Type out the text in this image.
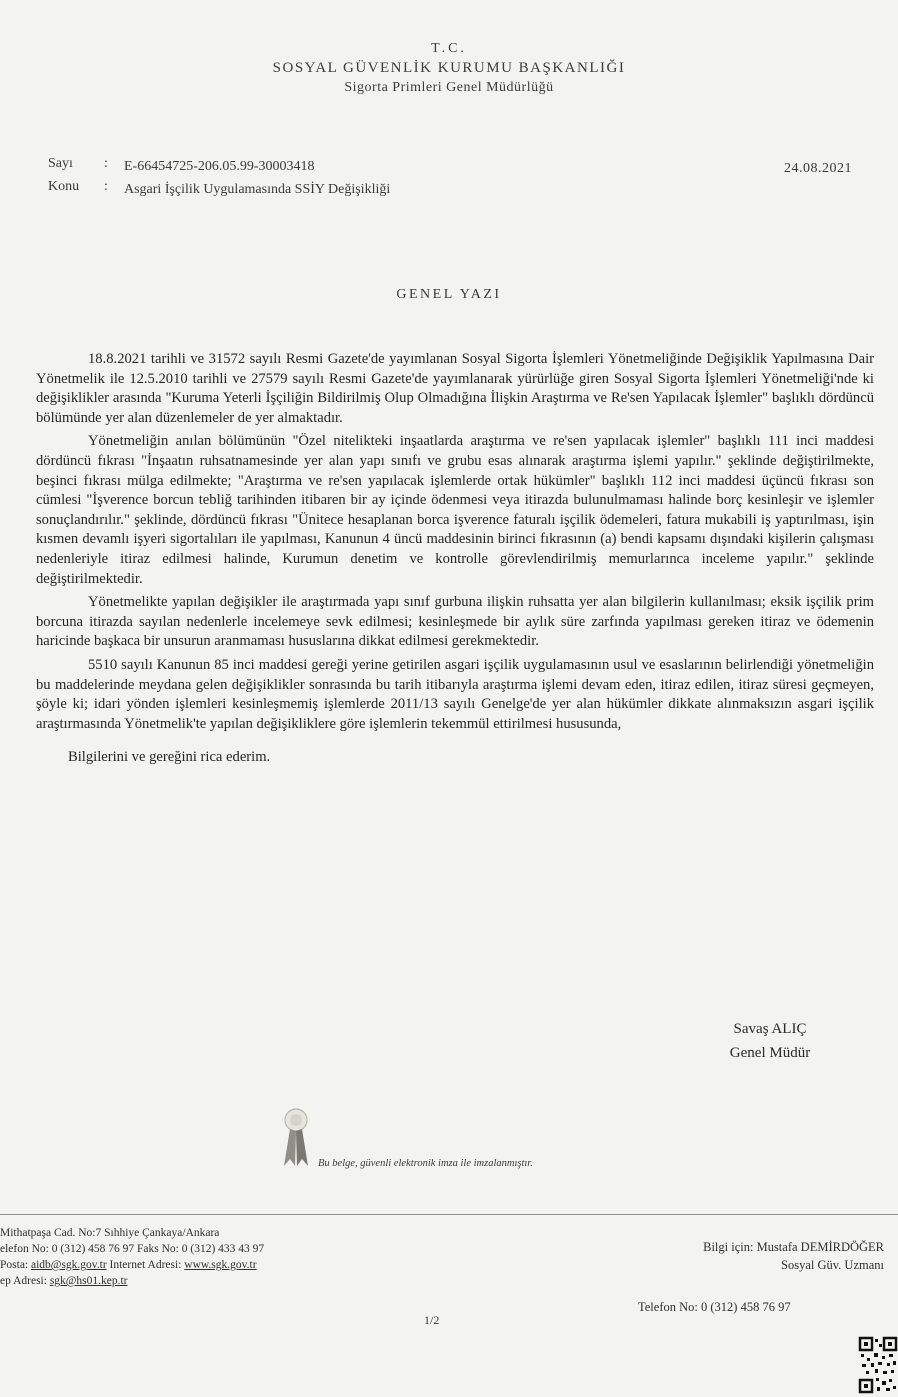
T.C.
SOSYAL GÜVENLİK KURUMU BAŞKANLIĞI
Sigorta Primleri Genel Müdürlüğü
Sayı : E-66454725-206.05.99-30003418
Konu : Asgari İşçilik Uygulamasında SSİY Değişikliği
24.08.2021
GENEL YAZI

18.8.2021 tarihli ve 31572 sayılı Resmi Gazete'de yayımlanan Sosyal Sigorta İşlemleri Yönetmeliğinde Değişiklik Yapılmasına Dair Yönetmelik ile 12.5.2010 tarihli ve 27579 sayılı Resmi Gazete'de yayımlanarak yürürlüğe giren Sosyal Sigorta İşlemleri Yönetmeliği'nde ki değişiklikler arasında "Kuruma Yeterli İşçiliğin Bildirilmiş Olup Olmadığına İlişkin Araştırma ve Re'sen Yapılacak İşlemler" başlıklı dördüncü bölümünde yer alan düzenlemeler de yer almaktadır.

Yönetmeliğin anılan bölümünün "Özel nitelikteki inşaatlarda araştırma ve re'sen yapılacak işlemler" başlıklı 111 inci maddesi dördüncü fıkrası "İnşaatın ruhsatnamesinde yer alan yapı sınıfı ve grubu esas alınarak araştırma işlemi yapılır." şeklinde değiştirilmekte, beşinci fıkrası mülga edilmekte; "Araştırma ve re'sen yapılacak işlemlerde ortak hükümler" başlıklı 112 inci maddesi üçüncü fıkrası son cümlesi "İşverence borcun tebliğ tarihinden itibaren bir ay içinde ödenmesi veya itirazda bulunulmaması halinde borç kesinleşir ve işlemler sonuçlandırılır." şeklinde, dördüncü fıkrası "Ünitece hesaplanan borca işverence faturalı işçilik ödemeleri, fatura mukabili iş yaptırılması, işin kısmen devamlı işyeri sigortalıları ile yapılması, Kanunun 4 üncü maddesinin birinci fıkrasının (a) bendi kapsamı dışındaki kişilerin çalışması nedenleriyle itiraz edilmesi halinde, Kurumun denetim ve kontrolle görevlendirilmiş memurlarınca inceleme yapılır." şeklinde değiştirilmektedir.

Yönetmelikte yapılan değişikler ile araştırmada yapı sınıf gurbuna ilişkin ruhsatta yer alan bilgilerin kullanılması; eksik işçilik prim borcuna itirazda sayılan nedenlerle incelemeye sevk edilmesi; kesinleşmede bir aylık süre zarfında yapılması gereken itiraz ve ödemenin haricinde başkaca bir unsurun aranmaması hususlarına dikkat edilmesi gerekmektedir.

5510 sayılı Kanunun 85 inci maddesi gereği yerine getirilen asgari işçilik uygulamasının usul ve esaslarının belirlendiği yönetmeliğin bu maddelerinde meydana gelen değişiklikler sonrasında bu tarih itibarıyla araştırma işlemi devam eden, itiraz edilen, itiraz süresi geçmeyen, şöyle ki; idari yönden işlemleri kesinleşmemiş işlemlerde 2011/13 sayılı Genelge'de yer alan hükümler dikkate alınmaksızın asgari işçilik araştırmasında Yönetmelik'te yapılan değişikliklere göre işlemlerin tekemmül ettirilmesi hususunda,

Bilgilerini ve gereğini rica ederim.

Savaş ALIÇ
Genel Müdür
Bu belge, güvenli elektronik imza ile imzalanmıştır.
Mithatpaşa Cad. No:7 Sıhhiye Çankaya/Ankara
elefon No: 0 (312) 458 76 97 Faks No: 0 (312) 433 43 97
Posta: aidb@sgk.gov.tr Internet Adresi: www.sgk.gov.tr
ep Adresi: sgk@hs01.kep.tr
Bilgi için: Mustafa DEMİRDÖĞER
Sosyal Güv. Uzmanı
Telefon No: 0 (312) 458 76 97
1/2
